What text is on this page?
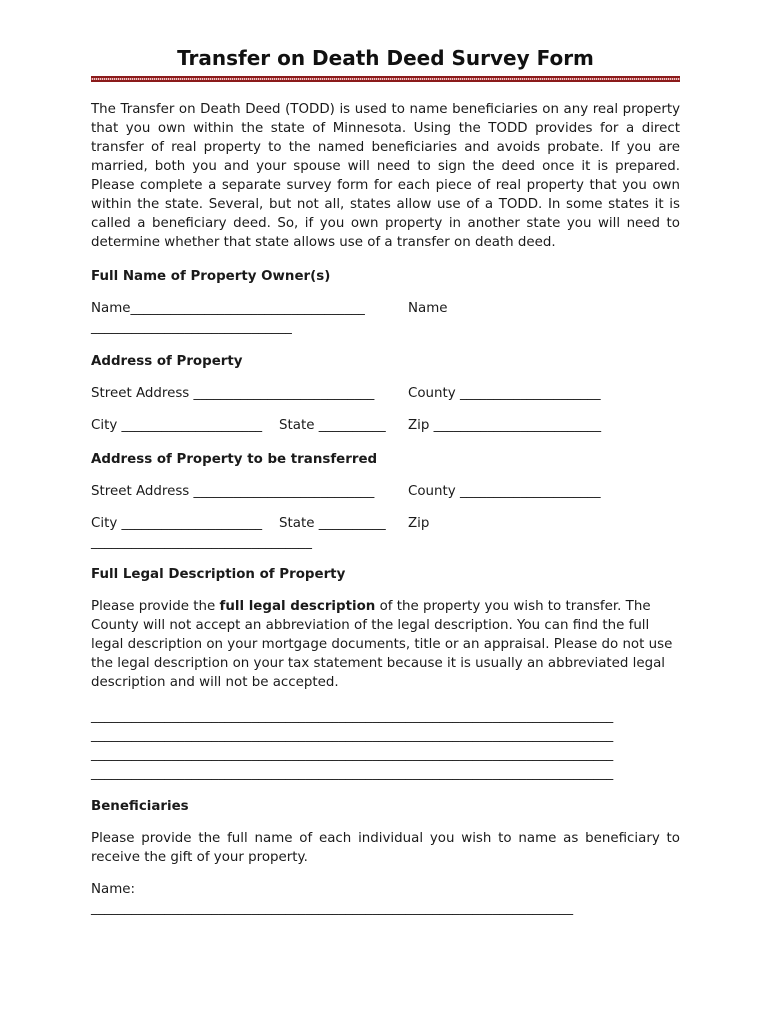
Transfer on Death Deed Survey Form

The Transfer on Death Deed (TODD) is used to name beneficiaries on any real property that you own within the state of Minnesota. Using the TODD provides for a direct transfer of real property to the named beneficiaries and avoids probate. If you are married, both you and your spouse will need to sign the deed once it is prepared. Please complete a separate survey form for each piece of real property that you own within the state. Several, but not all, states allow use of a TODD. In some states it is called a beneficiary deed. So, if you own property in another state you will need to determine whether that state allows use of a transfer on death deed.

Full Name of Property Owner(s)

Name___________________________________	Name
______________________________

Address of Property

Street Address ___________________________	County _____________________
City _____________________	State __________	Zip _________________________

Address of Property to be transferred

Street Address ___________________________	County _____________________
City _____________________	State __________	Zip
_________________________________

Full Legal Description of Property

Please provide the full legal description of the property you wish to transfer. The County will not accept an abbreviation of the legal description. You can find the full legal description on your mortgage documents, title or an appraisal. Please do not use the legal description on your tax statement because it is usually an abbreviated legal description and will not be accepted.

______________________________________________________________________________
______________________________________________________________________________
______________________________________________________________________________
______________________________________________________________________________

Beneficiaries

Please provide the full name of each individual you wish to name as beneficiary to receive the gift of your property.

Name:

________________________________________________________________________
